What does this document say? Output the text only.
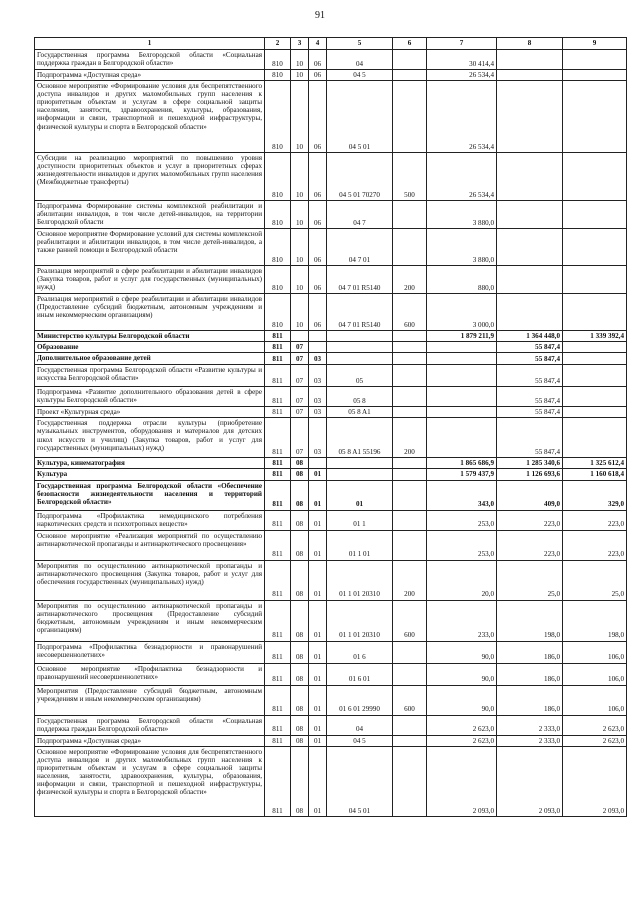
91
1	2	3	4	5	6	7	8	9

Государственная программа Белгородской области «Социальная поддержка граждан в Белгородской области»	810	10	06	04		30 414,4		

Подпрограмма «Доступная среда»	810	10	06	04 5		26 534,4		

Основное мероприятие «Формирование условия для беспрепятственного доступа инвалидов и других маломобильных групп населения к приоритетным объектам и услугам в сфере социальной защиты населения, занятости, здравоохранения, культуры, образования, информации и связи, транспортной и пешеходной инфраструктуры, физической культуры и спорта в Белгородской области»	810	10	06	04 5 01		26 534,4		

Субсидии на реализацию мероприятий по повышению уровня доступности приоритетных объектов и услуг в приоритетных сферах жизнедеятельности инвалидов и других маломобильных групп населения (Межбюджетные трансферты)	810	10	06	04 5 01 70270	500	26 534,4		

Подпрограмма Формирование системы комплексной реабилитации и абилитации инвалидов, в том числе детей-инвалидов, на территории Белгородской области	810	10	06	04 7		3 880,0		

Основное мероприятие Формирование условий для системы комплексной реабилитации и абилитации инвалидов, в том числе детей-инвалидов, а также ранней помощи в Белгородской области	810	10	06	04 7 01		3 880,0		

Реализация мероприятий в сфере реабилитации и абилитации инвалидов (Закупка товаров, работ и услуг для государственных (муниципальных) нужд)	810	10	06	04 7 01 R5140	200	880,0		

Реализация мероприятий в сфере реабилитации и абилитации инвалидов (Предоставление субсидий бюджетным, автономным учреждениям и иным некоммерческим организациям)	810	10	06	04 7 01 R5140	600	3 000,0		

Министерство культуры Белгородской области	811					1 879 211,9	1 364 448,0	1 339 392,4

Образование	811	07					55 847,4	

Дополнительное образование детей	811	07	03				55 847,4	

Государственная программа Белгородской области «Развитие культуры и искусства Белгородской области»	811	07	03	05			55 847,4	

Подпрограмма «Развитие дополнительного образования детей в сфере культуры Белгородской области»	811	07	03	05 8			55 847,4	

Проект «Культурная среда»	811	07	03	05 8 A1			55 847,4	

Государственная поддержка отрасли культуры (приобретение музыкальных инструментов, оборудования и материалов для детских школ искусств и училищ) (Закупка товаров, работ и услуг для государственных (муниципальных) нужд)	811	07	03	05 8 A1 55196	200		55 847,4	

Культура, кинематография	811	08				1 865 686,9	1 285 340,6	1 325 612,4

Культура	811	08	01			1 579 437,9	1 126 693,6	1 160 618,4

Государственная программа Белгородской области «Обеспечение безопасности жизнедеятельности населения и территорий Белгородской области»	811	08	01	01		343,0	409,0	329,0

Подпрограмма «Профилактика немедицинского потребления наркотических средств и психотропных веществ»	811	08	01	01 1		253,0	223,0	223,0

Основное мероприятие «Реализация мероприятий по осуществлению антинаркотической пропаганды и антинаркотического просвещения»	811	08	01	01 1 01		253,0	223,0	223,0

Мероприятия по осуществлению антинаркотической пропаганды и антинаркотического просвещения (Закупка товаров, работ и услуг для обеспечения государственных (муниципальных) нужд)	811	08	01	01 1 01 20310	200	20,0	25,0	25,0

Мероприятия по осуществлению антинаркотической пропаганды и антинаркотического просвещения (Предоставление субсидий бюджетным, автономным учреждениям и иным некоммерческим организациям)	811	08	01	01 1 01 20310	600	233,0	198,0	198,0

Подпрограмма «Профилактика безнадзорности и правонарушений несовершеннолетних»	811	08	01	01 6		90,0	186,0	106,0

Основное мероприятие «Профилактика безнадзорности и правонарушений несовершеннолетних»	811	08	01	01 6 01		90,0	186,0	106,0

Мероприятия (Предоставление субсидий бюджетным, автономным учреждениям и иным некоммерческим организациям)	811	08	01	01 6 01 29990	600	90,0	186,0	106,0

Государственная программа Белгородской области «Социальная поддержка граждан Белгородской области»	811	08	01	04		2 623,0	2 333,0	2 623,0

Подпрограмма «Доступная среда»	811	08	01	04 5		2 623,0	2 333,0	2 623,0

Основное мероприятие «Формирование условия для беспрепятственного доступа инвалидов и других маломобильных групп населения к приоритетным объектам и услугам в сфере социальной защиты населения, занятости, здравоохранения, культуры, образования, информации и связи, транспортной и пешеходной инфраструктуры, физической культуры и спорта в Белгородской области»	811	08	01	04 5 01		2 093,0	2 093,0	2 093,0
